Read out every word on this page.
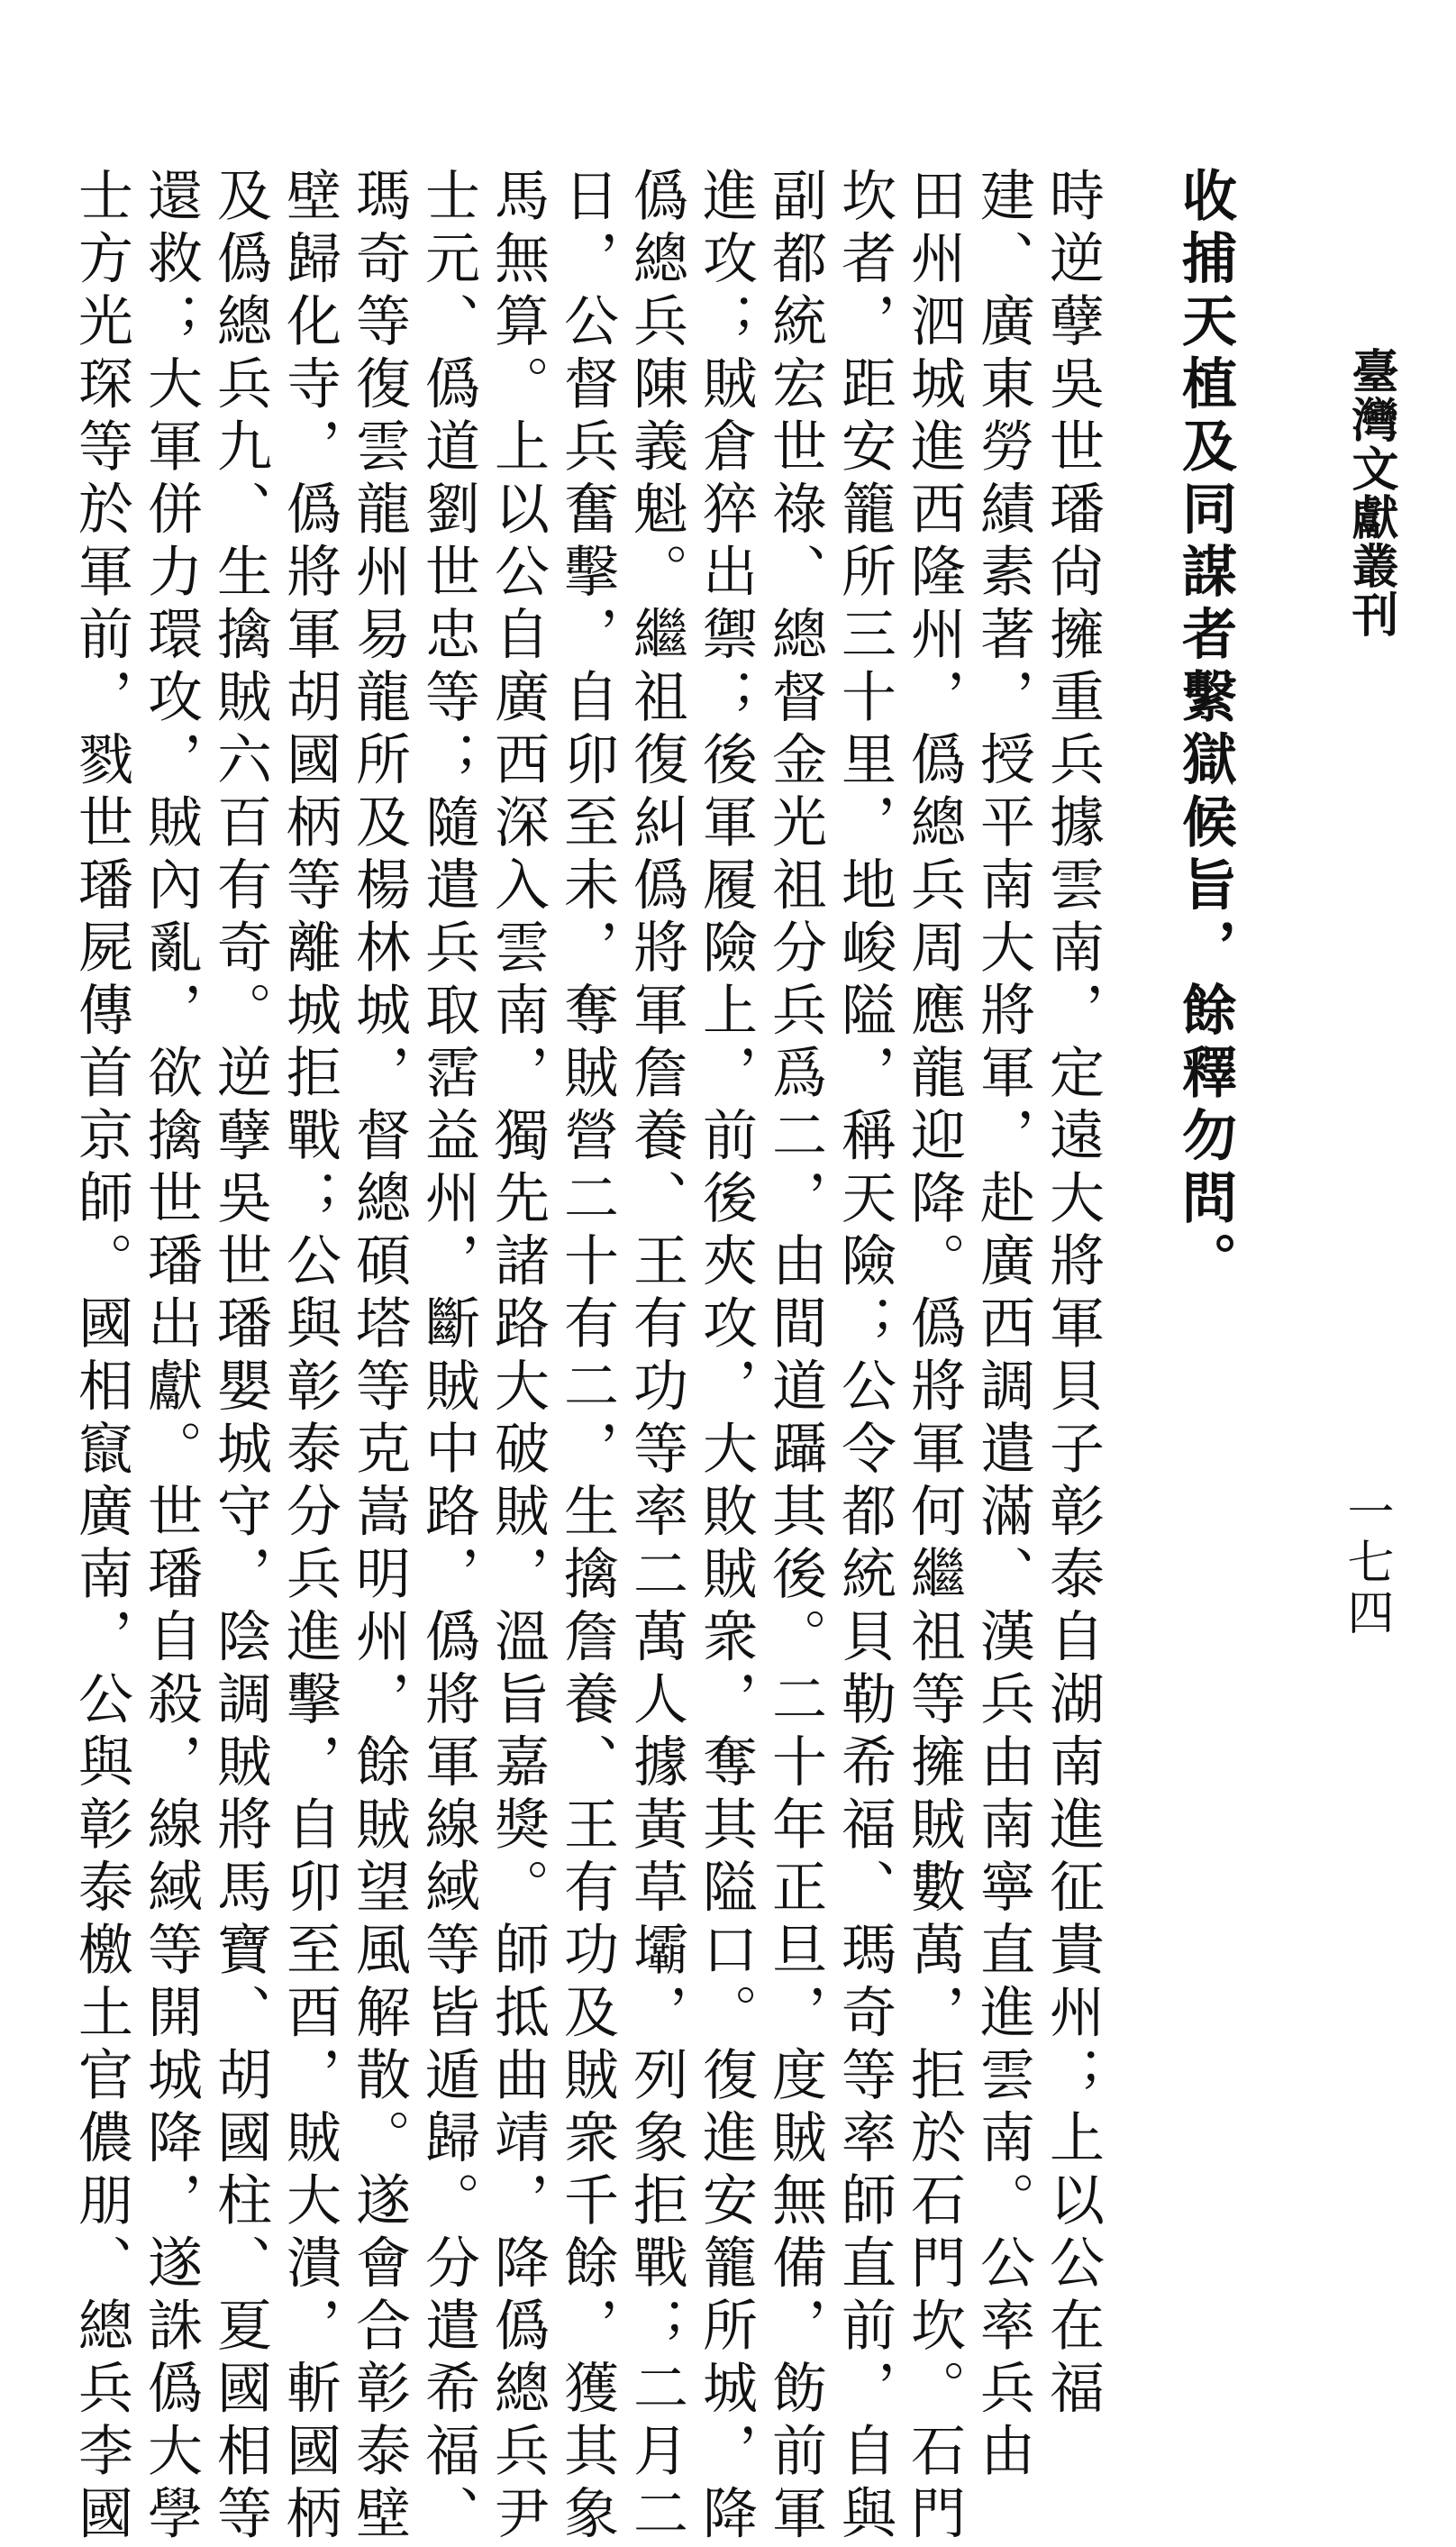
臺灣文獻叢刊
一七四
收捕天植及同謀者繫獄候旨，餘釋勿問。
時逆孽吳世璠尙擁重兵據雲南，定遠大將軍貝子彰泰自湖南進征貴州；上以公在福
建、廣東勞績素著，授平南大將軍，赴廣西調遣滿、漢兵由南寧直進雲南。公率兵由
田州泗城進西隆州，僞總兵周應龍迎降。僞將軍何繼祖等擁賊數萬，拒於石門坎。石門
坎者，距安籠所三十里，地峻隘，稱天險；公令都統貝勒希福、瑪奇等率師直前，自與
副都統宏世祿、總督金光祖分兵爲二，由間道躡其後。二十年正旦，度賊無備，飭前軍
進攻；賊倉猝出禦；後軍履險上，前後夾攻，大敗賊衆，奪其隘口。復進安籠所城，降
僞總兵陳義魁。繼祖復糾僞將軍詹養、王有功等率二萬人據黃草壩，列象拒戰；二月二
日，公督兵奮擊，自卯至未，奪賊營二十有二，生擒詹養、王有功及賊衆千餘，獲其象
馬無算。上以公自廣西深入雲南，獨先諸路大破賊，溫旨嘉獎。師抵曲靖，降僞總兵尹
士元、僞道劉世忠等；隨遣兵取霑益州，斷賊中路，僞將軍線緎等皆遁歸。分遣希福、
瑪奇等復雲龍州易龍所及楊林城，督總碩塔等克嵩明州，餘賊望風解散。遂會合彰泰壁
壁歸化寺，僞將軍胡國柄等離城拒戰；公與彰泰分兵進擊，自卯至酉，賊大潰，斬國柄
及僞總兵九、生擒賊六百有奇。逆孽吳世璠嬰城守，陰調賊將馬寶、胡國柱、夏國相等
還救；大軍併力環攻，賊內亂，欲擒世璠出獻。世璠自殺，線緎等開城降，遂誅僞大學
士方光琛等於軍前，戮世璠屍傳首京師。國相竄廣南，公與彰泰檄土官儂朋、總兵李國
